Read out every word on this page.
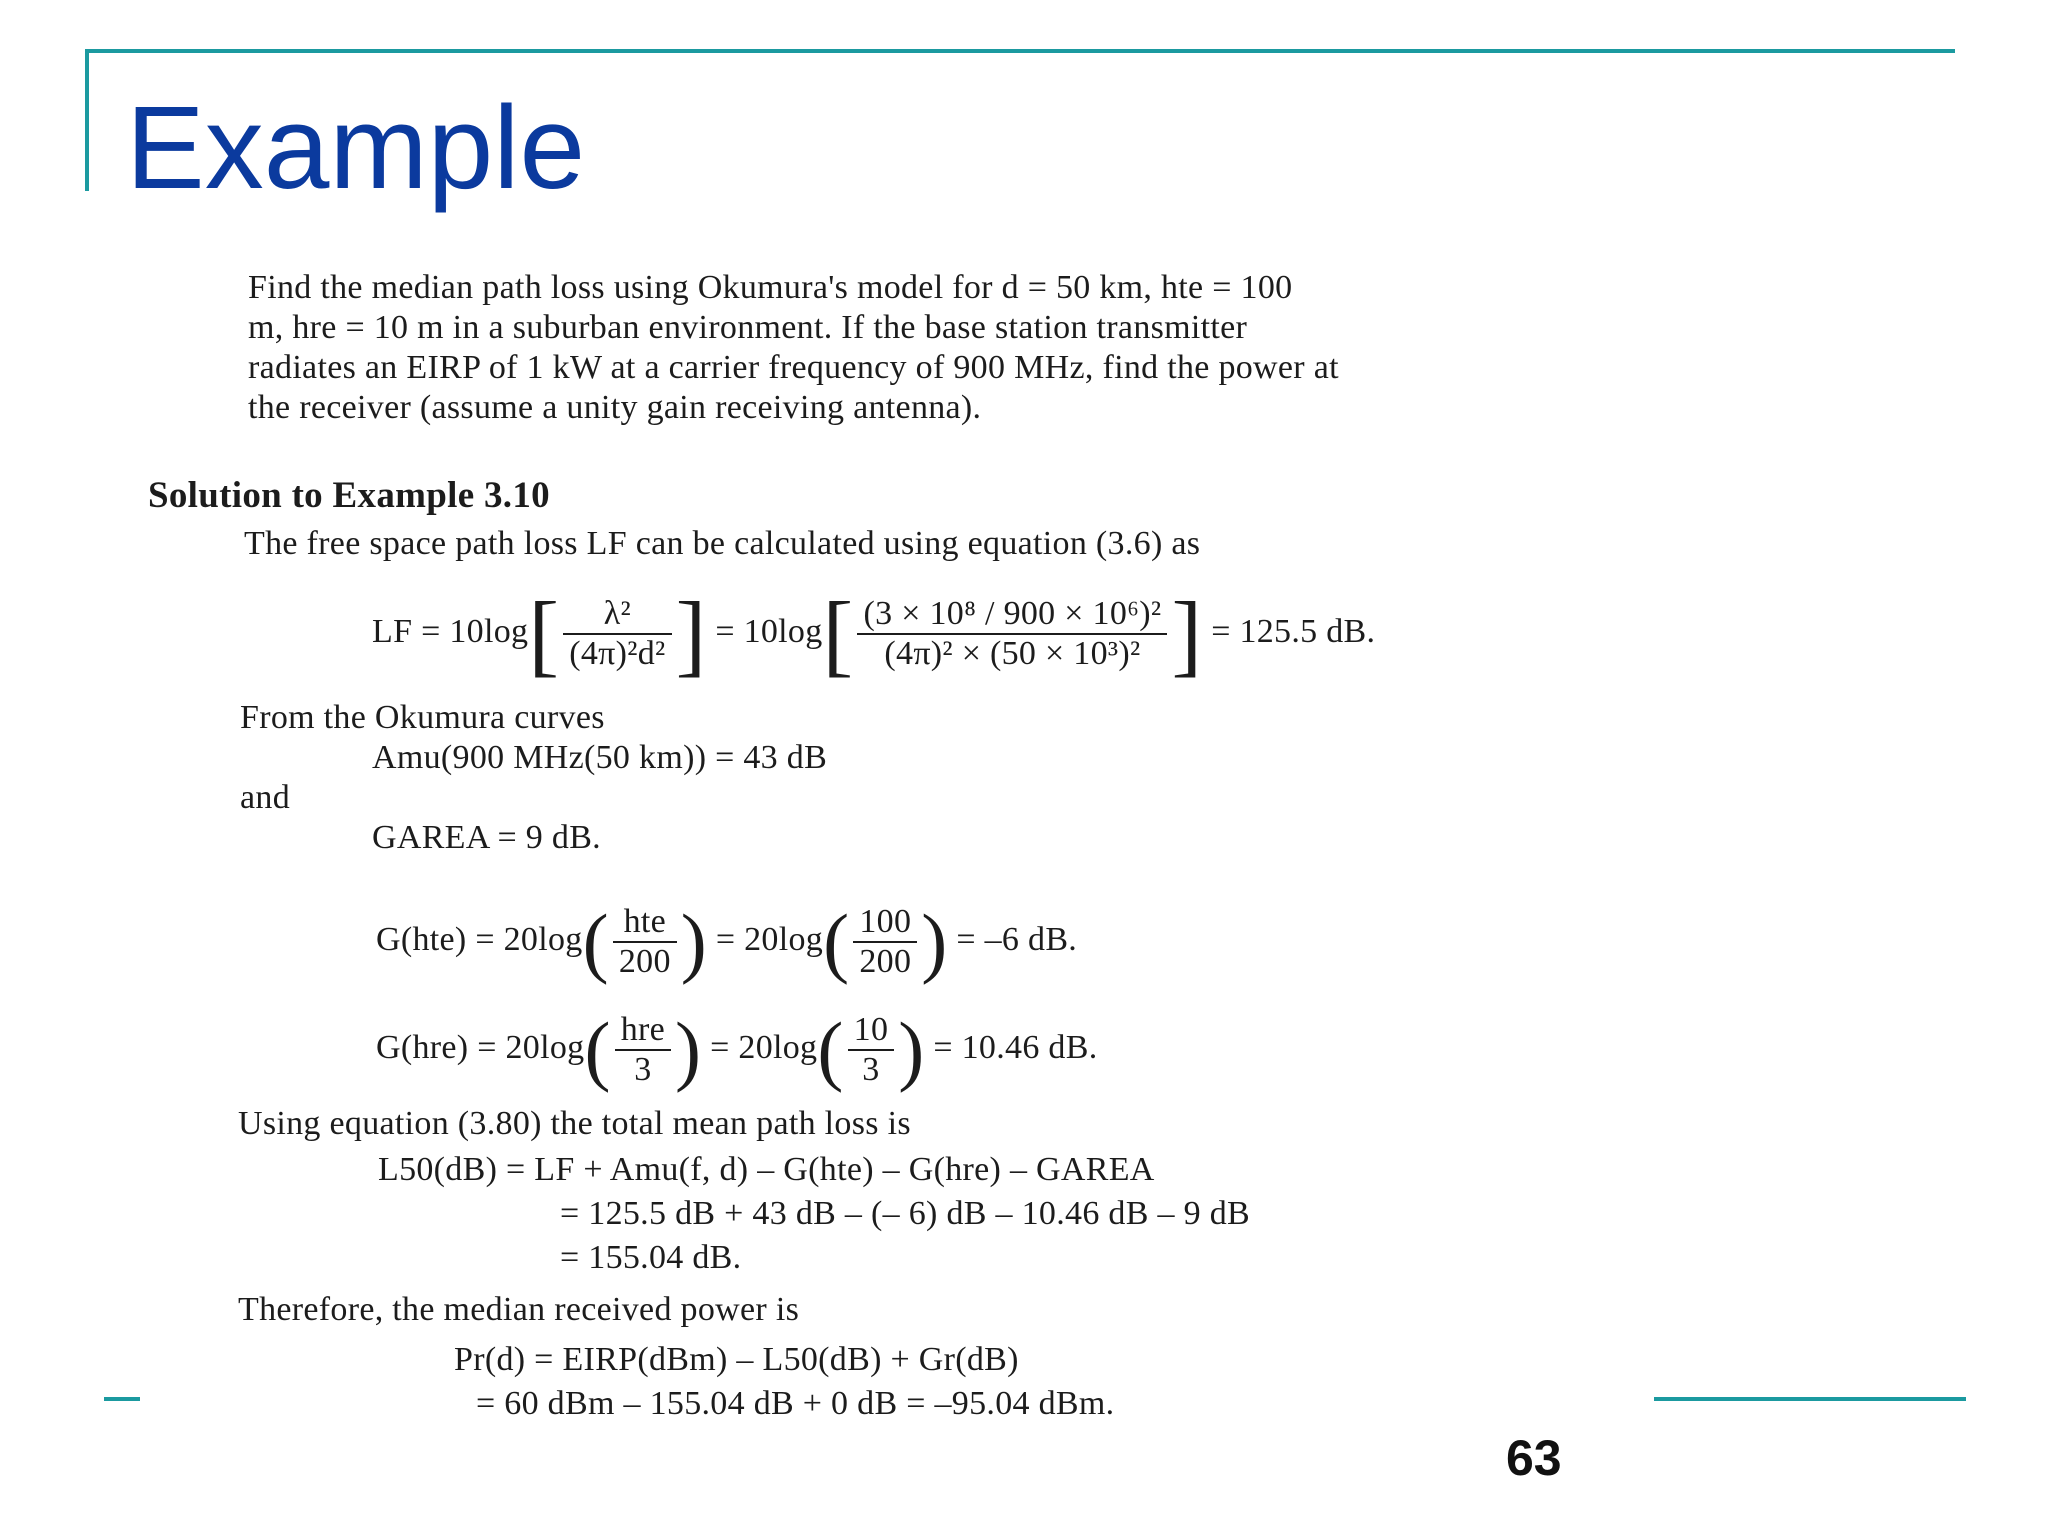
Example
Find the median path loss using Okumura's model for d = 50 km, hte = 100
m, hre = 10 m in a suburban environment. If the base station transmitter
radiates an EIRP of 1 kW at a carrier frequency of 900 MHz, find the power at
the receiver (assume a unity gain receiving antenna).
Solution to Example 3.10
The free space path loss LF can be calculated using equation (3.6) as
LF = $10\log[ \frac{\text{λ²}}{\text{(4π)²d²}}$ ] = $10\log[ \frac{\text{(3 × 10⁸ / 900 × 10⁶)²}}{\text{(4π)² × (50 × 10³)²}}$ ] = 125.5 dB.
From the Okumura curves
Amu(900 MHz(50 km)) = 43 dB
and
GAREA = 9 dB.
$G(hte) = 20\log( \frac{\text{hte}}{200}$ ) = $20\log( \frac{100}{200}$ ) = –6 dB.
$G(hre) = 20\log( \frac{\text{hre}}{3}$ ) = $20\log( \frac{10}{3}$ ) = 10.46 dB.
Using equation (3.80) the total mean path loss is
L50(dB) = LF + Amu(f, d) – G(hte) – G(hre) – GAREA
= 125.5 dB + 43 dB – (– 6) dB – 10.46 dB – 9 dB
= 155.04 dB.
Therefore, the median received power is
Pr(d) = EIRP(dBm) – L50(dB) + Gr(dB)
= 60 dBm – 155.04 dB + 0 dB = –95.04 dBm.
63
